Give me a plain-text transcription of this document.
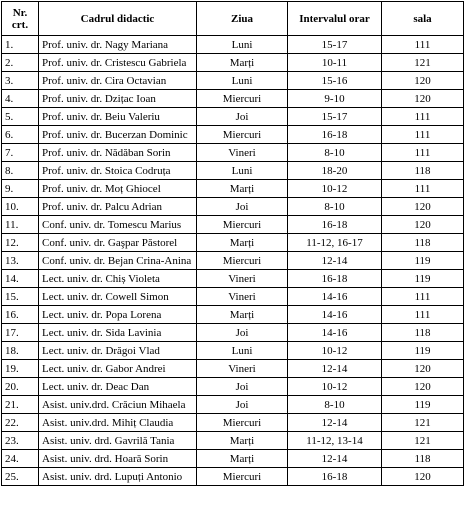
Nr.
crt.	Cadrul didactic	Ziua	Intervalul orar	sala
1.	Prof. univ. dr. Nagy Mariana	Luni	15-17	111
2.	Prof. univ. dr. Cristescu Gabriela	Marți	10-11	121
3.	Prof. univ. dr. Cira Octavian	Luni	15-16	120
4.	Prof. univ. dr. Dzițac Ioan	Miercuri	9-10	120
5.	Prof. univ. dr. Beiu Valeriu	Joi	15-17	111
6.	Prof. univ. dr. Bucerzan Dominic	Miercuri	16-18	111
7.	Prof. univ. dr. Nădăban Sorin	Vineri	8-10	111
8.	Prof. univ. dr. Stoica Codruța	Luni	18-20	118
9.	Prof. univ. dr. Moț Ghiocel	Marți	10-12	111
10.	Prof. univ. dr. Palcu Adrian	Joi	8-10	120
11.	Conf. univ. dr. Tomescu Marius	Miercuri	16-18	120
12.	Conf. univ. dr. Gaşpar Păstorel	Marți	11-12, 16-17	118
13.	Conf. univ. dr. Bejan Crina-Anina	Miercuri	12-14	119
14.	Lect. univ. dr. Chiș Violeta	Vineri	16-18	119
15.	Lect. univ. dr. Cowell Simon	Vineri	14-16	111
16.	Lect. univ. dr. Popa Lorena	Marți	14-16	111
17.	Lect. univ. dr. Sida Lavinia	Joi	14-16	118
18.	Lect. univ. dr. Drăgoi Vlad	Luni	10-12	119
19.	Lect. univ. dr. Gabor Andrei	Vineri	12-14	120
20.	Lect. univ. dr. Deac Dan	Joi	10-12	120
21.	Asist. univ.drd. Crăciun Mihaela	Joi	8-10	119
22.	Asist. univ.drd. Mihiț Claudia	Miercuri	12-14	121
23.	Asist. univ. drd. Gavrilă Tania	Marți	11-12, 13-14	121
24.	Asist. univ. drd. Hoară Sorin	Marți	12-14	118
25.	Asist. univ. drd. Lupuți Antonio	Miercuri	16-18	120
